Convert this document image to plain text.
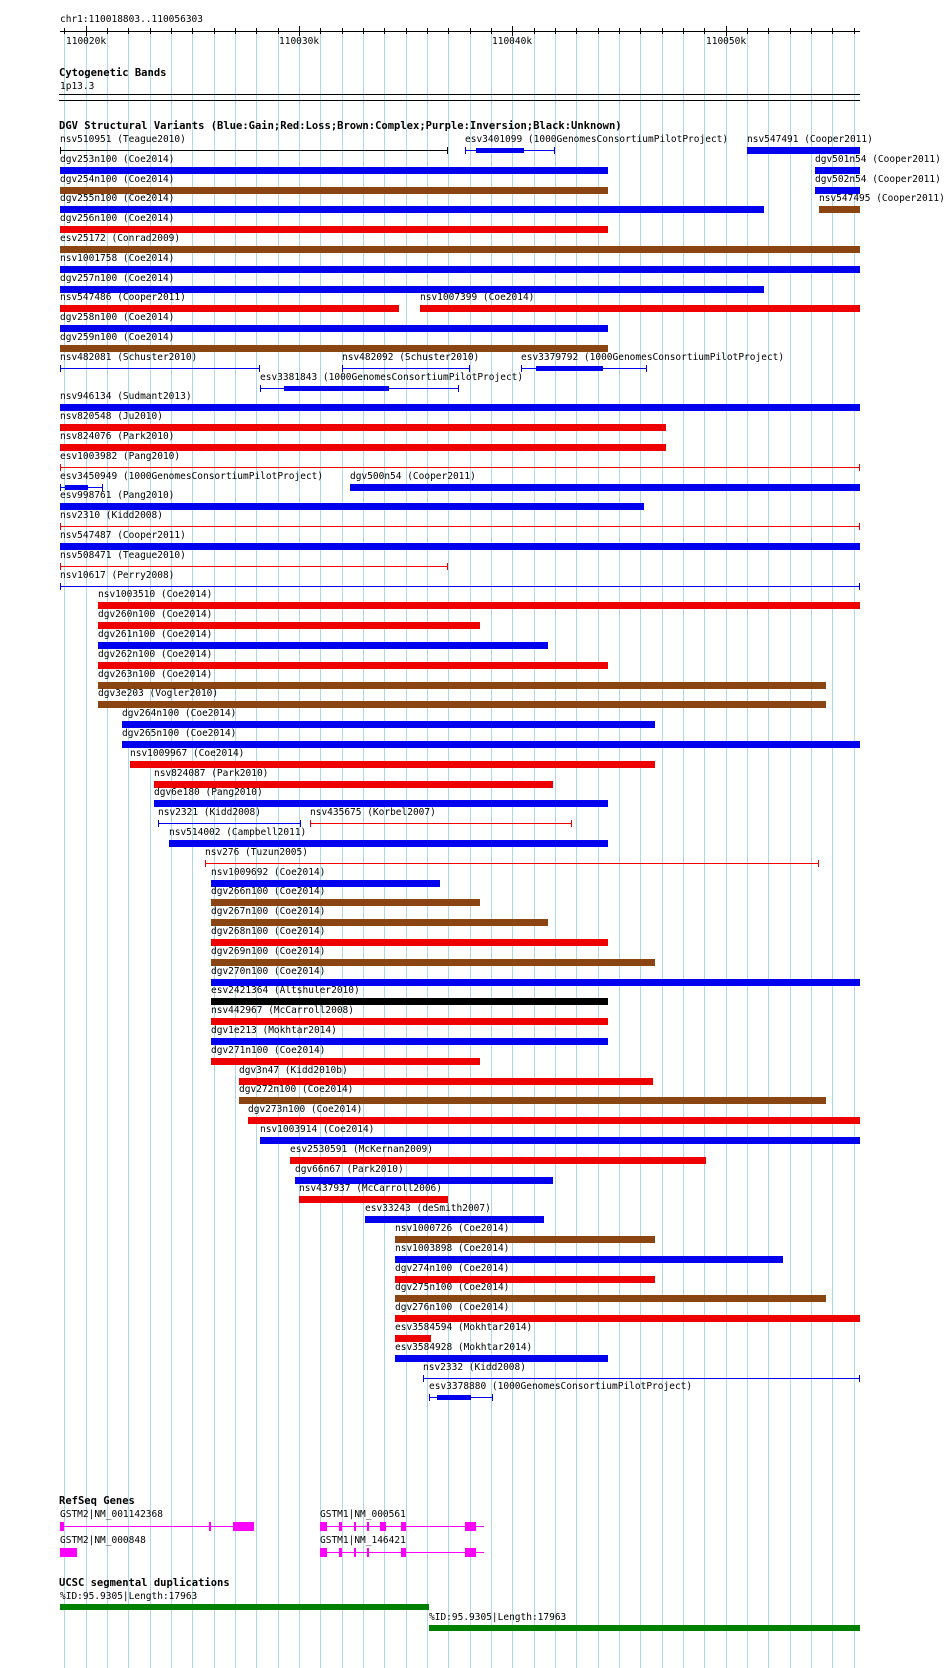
chr1:110018803..110056303
110020k	110030k	110040k	110050k
Cytogenetic Bands
1p13.3
DGV Structural Variants (Blue:Gain;Red:Loss;Brown:Complex;Purple:Inversion;Black:Unknown)
nsv510951 (Teague2010)	esv3401099 (1000GenomesConsortiumPilotProject) nsv547491 (Cooper2011)
dgv253n100 (Coe2014)	dgv501n54 (Cooper2011)
dgv254n100 (Coe2014)	dgv502n54 (Cooper2011)
dgv255n100 (Coe2014)	nsv547495 (Cooper2011)
dgv256n100 (Coe2014)
esv25172 (Conrad2009)
nsv1001758 (Coe2014)
dgv257n100 (Coe2014)
nsv547486 (Cooper2011)	nsv1007399 (Coe2014)
dgv258n100 (Coe2014)
dgv259n100 (Coe2014)
nsv482081 (Schuster2010)
esv3381843 (1000GenomesConsortiumPilotProject)
nsv946134 (Sudmant2013)
nsv820548 (Ju2010)
nsv824076 (Park2010)
esv1003982 (Pang2010)
esv3450949 (1000GenomesConsortiumPilotProject)
nsv482092 (Schuster2010)	esv3379792 (1000GenomesConsortiumPilotProject)
esv998761 (Pang2010)
nsv2310 (Kidd2008)
nsv547487 (Cooper2011)
nsv508471 (Teague2010)
nsv10617 (Perry2008)
nsv1003510 (Coe2014)
dgv260n100 (Coe2014)
dgv261n100 (Coe2014)
dgv262n100 (Coe2014)
dgv263n100 (Coe2014)
dgv3e203 (Vogler2010)
dgv264n100 (Coe2014)
dgv265n100 (Coe2014)
nsv1009967 (Coe2014)
nsv824087 (Park2010)
dgv6e180 (Pang2010)
nsv2321 (Kidd2008)
dgv500n54 (Cooper2011)
nsv514002 (Campbell2011)
nsv276 (Tuzun2005)
nsv1009692 (Coe2014)
dgv266n100 (Coe2014)
dgv267n100 (Coe2014)
dgv268n100 (Coe2014)
dgv269n100 (Coe2014)
dgv270n100 (Coe2014)
esv2421364 (Altshuler2010)
nsv442967 (McCarroll2008)
dgv1e213 (Mokhtar2014)
dgv271n100 (Coe2014)
dgv3n47 (Kidd2010b)
dgv272n100 (Coe2014)
dgv273n100 (Coe2014)
nsv1003914 (Coe2014)
esv2530591 (McKernan2009)
dgv66n67 (Park2010)
nsv437937 (McCarroll2006)
nsv435675 (Korbel2007)
esv33243 (deSmith2007)
nsv1000726 (Coe2014)
nsv1003898 (Coe2014)
dgv274n100 (Coe2014)
dgv275n100 (Coe2014)
dgv276n100 (Coe2014)
esv3584594 (Mokhtar2014)
esv3584928 (Mokhtar2014)
nsv2332 (Kidd2008)
esv3378880 (1000GenomesConsortiumPilotProject)
RefSeq Genes
GSTM2|NM_001142368	GSTM1|NM_000561
GSTM2|NM_000848	GSTM1|NM_146421
UCSC segmental duplications
%ID:95.9305|Length:17963
%ID:95.9305|Length:17963
